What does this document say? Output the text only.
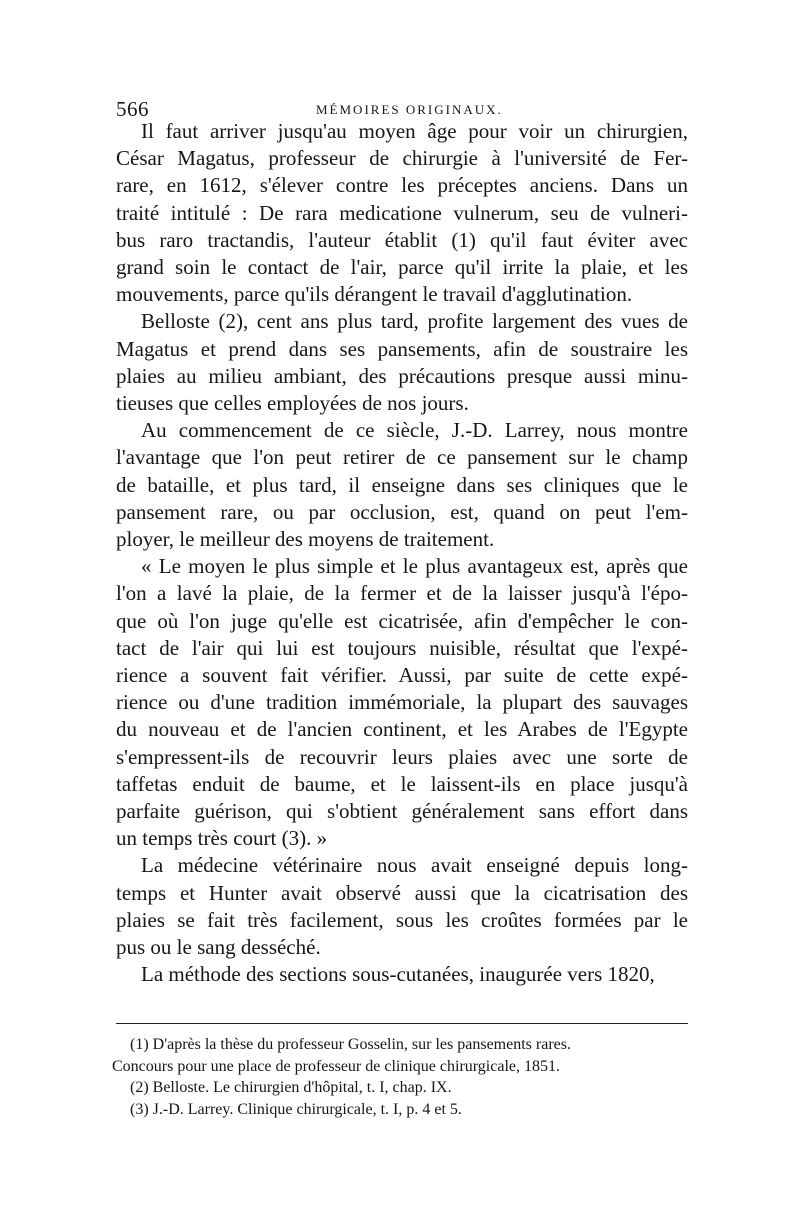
566	MÉMOIRES ORIGINAUX.
Il faut arriver jusqu'au moyen âge pour voir un chirurgien,
César Magatus, professeur de chirurgie à l'université de Fer-
rare, en 1612, s'élever contre les préceptes anciens. Dans un
traité intitulé : De rara medicatione vulnerum, seu de vulneri-
bus raro tractandis, l'auteur établit (1) qu'il faut éviter avec
grand soin le contact de l'air, parce qu'il irrite la plaie, et les
mouvements, parce qu'ils dérangent le travail d'agglutination.
Belloste (2), cent ans plus tard, profite largement des vues de
Magatus et prend dans ses pansements, afin de soustraire les
plaies au milieu ambiant, des précautions presque aussi minu-
tieuses que celles employées de nos jours.
Au commencement de ce siècle, J.-D. Larrey, nous montre
l'avantage que l'on peut retirer de ce pansement sur le champ
de bataille, et plus tard, il enseigne dans ses cliniques que le
pansement rare, ou par occlusion, est, quand on peut l'em-
ployer, le meilleur des moyens de traitement.
« Le moyen le plus simple et le plus avantageux est, après que
l'on a lavé la plaie, de la fermer et de la laisser jusqu'à l'épo-
que où l'on juge qu'elle est cicatrisée, afin d'empêcher le con-
tact de l'air qui lui est toujours nuisible, résultat que l'expé-
rience a souvent fait vérifier. Aussi, par suite de cette expé-
rience ou d'une tradition immémoriale, la plupart des sauvages
du nouveau et de l'ancien continent, et les Arabes de l'Egypte
s'empressent-ils de recouvrir leurs plaies avec une sorte de
taffetas enduit de baume, et le laissent-ils en place jusqu'à
parfaite guérison, qui s'obtient généralement sans effort dans
un temps très court (3). »
La médecine vétérinaire nous avait enseigné depuis long-
temps et Hunter avait observé aussi que la cicatrisation des
plaies se fait très facilement, sous les croûtes formées par le
pus ou le sang desséché.
La méthode des sections sous-cutanées, inaugurée vers 1820,
(1) D'après la thèse du professeur Gosselin, sur les pansements rares.
Concours pour une place de professeur de clinique chirurgicale, 1851.
(2) Belloste. Le chirurgien d'hôpital, t. I, chap. IX.
(3) J.-D. Larrey. Clinique chirurgicale, t. I, p. 4 et 5.
